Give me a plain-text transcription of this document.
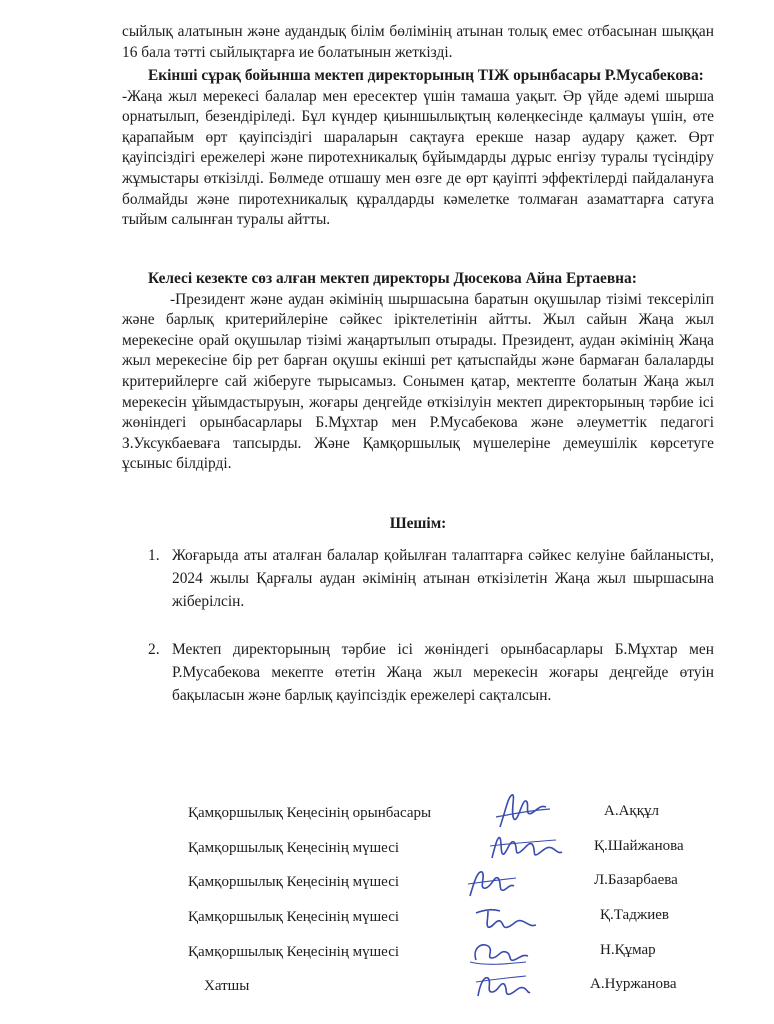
сыйлық алатынын және аудандық білім бөлімінің атынан толық емес отбасынан шыққан 16 бала тәтті сыйлықтарға ие болатынын жеткізді.

Екінші сұрақ бойынша мектеп директорының ТІЖ орынбасары Р.Мусабекова:

-Жаңа жыл мерекесі балалар мен ересектер үшін тамаша уақыт. Әр үйде әдемі шырша орнатылып, безендіріледі. Бұл күндер қиыншылықтың көлеңкесінде қалмауы үшін, өте қарапайым өрт қауіпсіздігі шараларын сақтауға ерекше назар аудару қажет. Өрт қауіпсіздігі ережелері және пиротехникалық бұйымдарды дұрыс енгізу туралы түсіндіру жұмыстары өткізілді. Бөлмеде отшашу мен өзге де өрт қауіпті эффектілерді пайдалануға болмайды және пиротехникалық құралдарды кәмелетке толмаған азаматтарға сатуға тыйым салынған туралы айтты.

Келесі кезекте сөз алған мектеп директоры Дюсекова Айна Ертаевна:

-Президент және аудан әкімінің шыршасына баратын оқушылар тізімі тексеріліп және барлық критерийлеріне сәйкес іріктелетінін айтты. Жыл сайын Жаңа жыл мерекесіне орай оқушылар тізімі жаңартылып отырады. Президент, аудан әкімінің Жаңа жыл мерекесіне бір рет барған оқушы екінші рет қатыспайды және бармаған балаларды критерийлерге сай жіберуге тырысамыз. Сонымен қатар, мектепте болатын Жаңа жыл мерекесін ұйымдастыруын, жоғары деңгейде өткізілуін мектеп директорының тәрбие ісі жөніндегі орынбасарлары Б.Мұхтар мен Р.Мусабекова және әлеуметтік педагогі З.Уксукбаеваға тапсырды. Және Қамқоршылық мүшелеріне демеушілік көрсетуге ұсыныс білдірді.

Шешім:
1. Жоғарыда аты аталған балалар қойылған талаптарға сәйкес келуіне байланысты, 2024 жылы Қарғалы аудан әкімінің атынан өткізілетін Жаңа жыл шыршасына жіберілсін.
2. Мектеп директорының тәрбие ісі жөніндегі орынбасарлары Б.Мұхтар мен Р.Мусабекова мекепте өтетін Жаңа жыл мерекесін жоғары деңгейде өтуін бақыласын және барлық қауіпсіздік ережелері сақталсын.
Қамқоршылық Кеңесінің орынбасары	А.Аққұл
Қамқоршылық Кеңесінің мүшесі	Қ.Шайжанова
Қамқоршылық Кеңесінің мүшесі	Л.Базарбаева
Қамқоршылық Кеңесінің мүшесі	Қ.Таджиев
Қамқоршылық Кеңесінің мүшесі	Н.Құмар
Хатшы	А.Нуржанова
